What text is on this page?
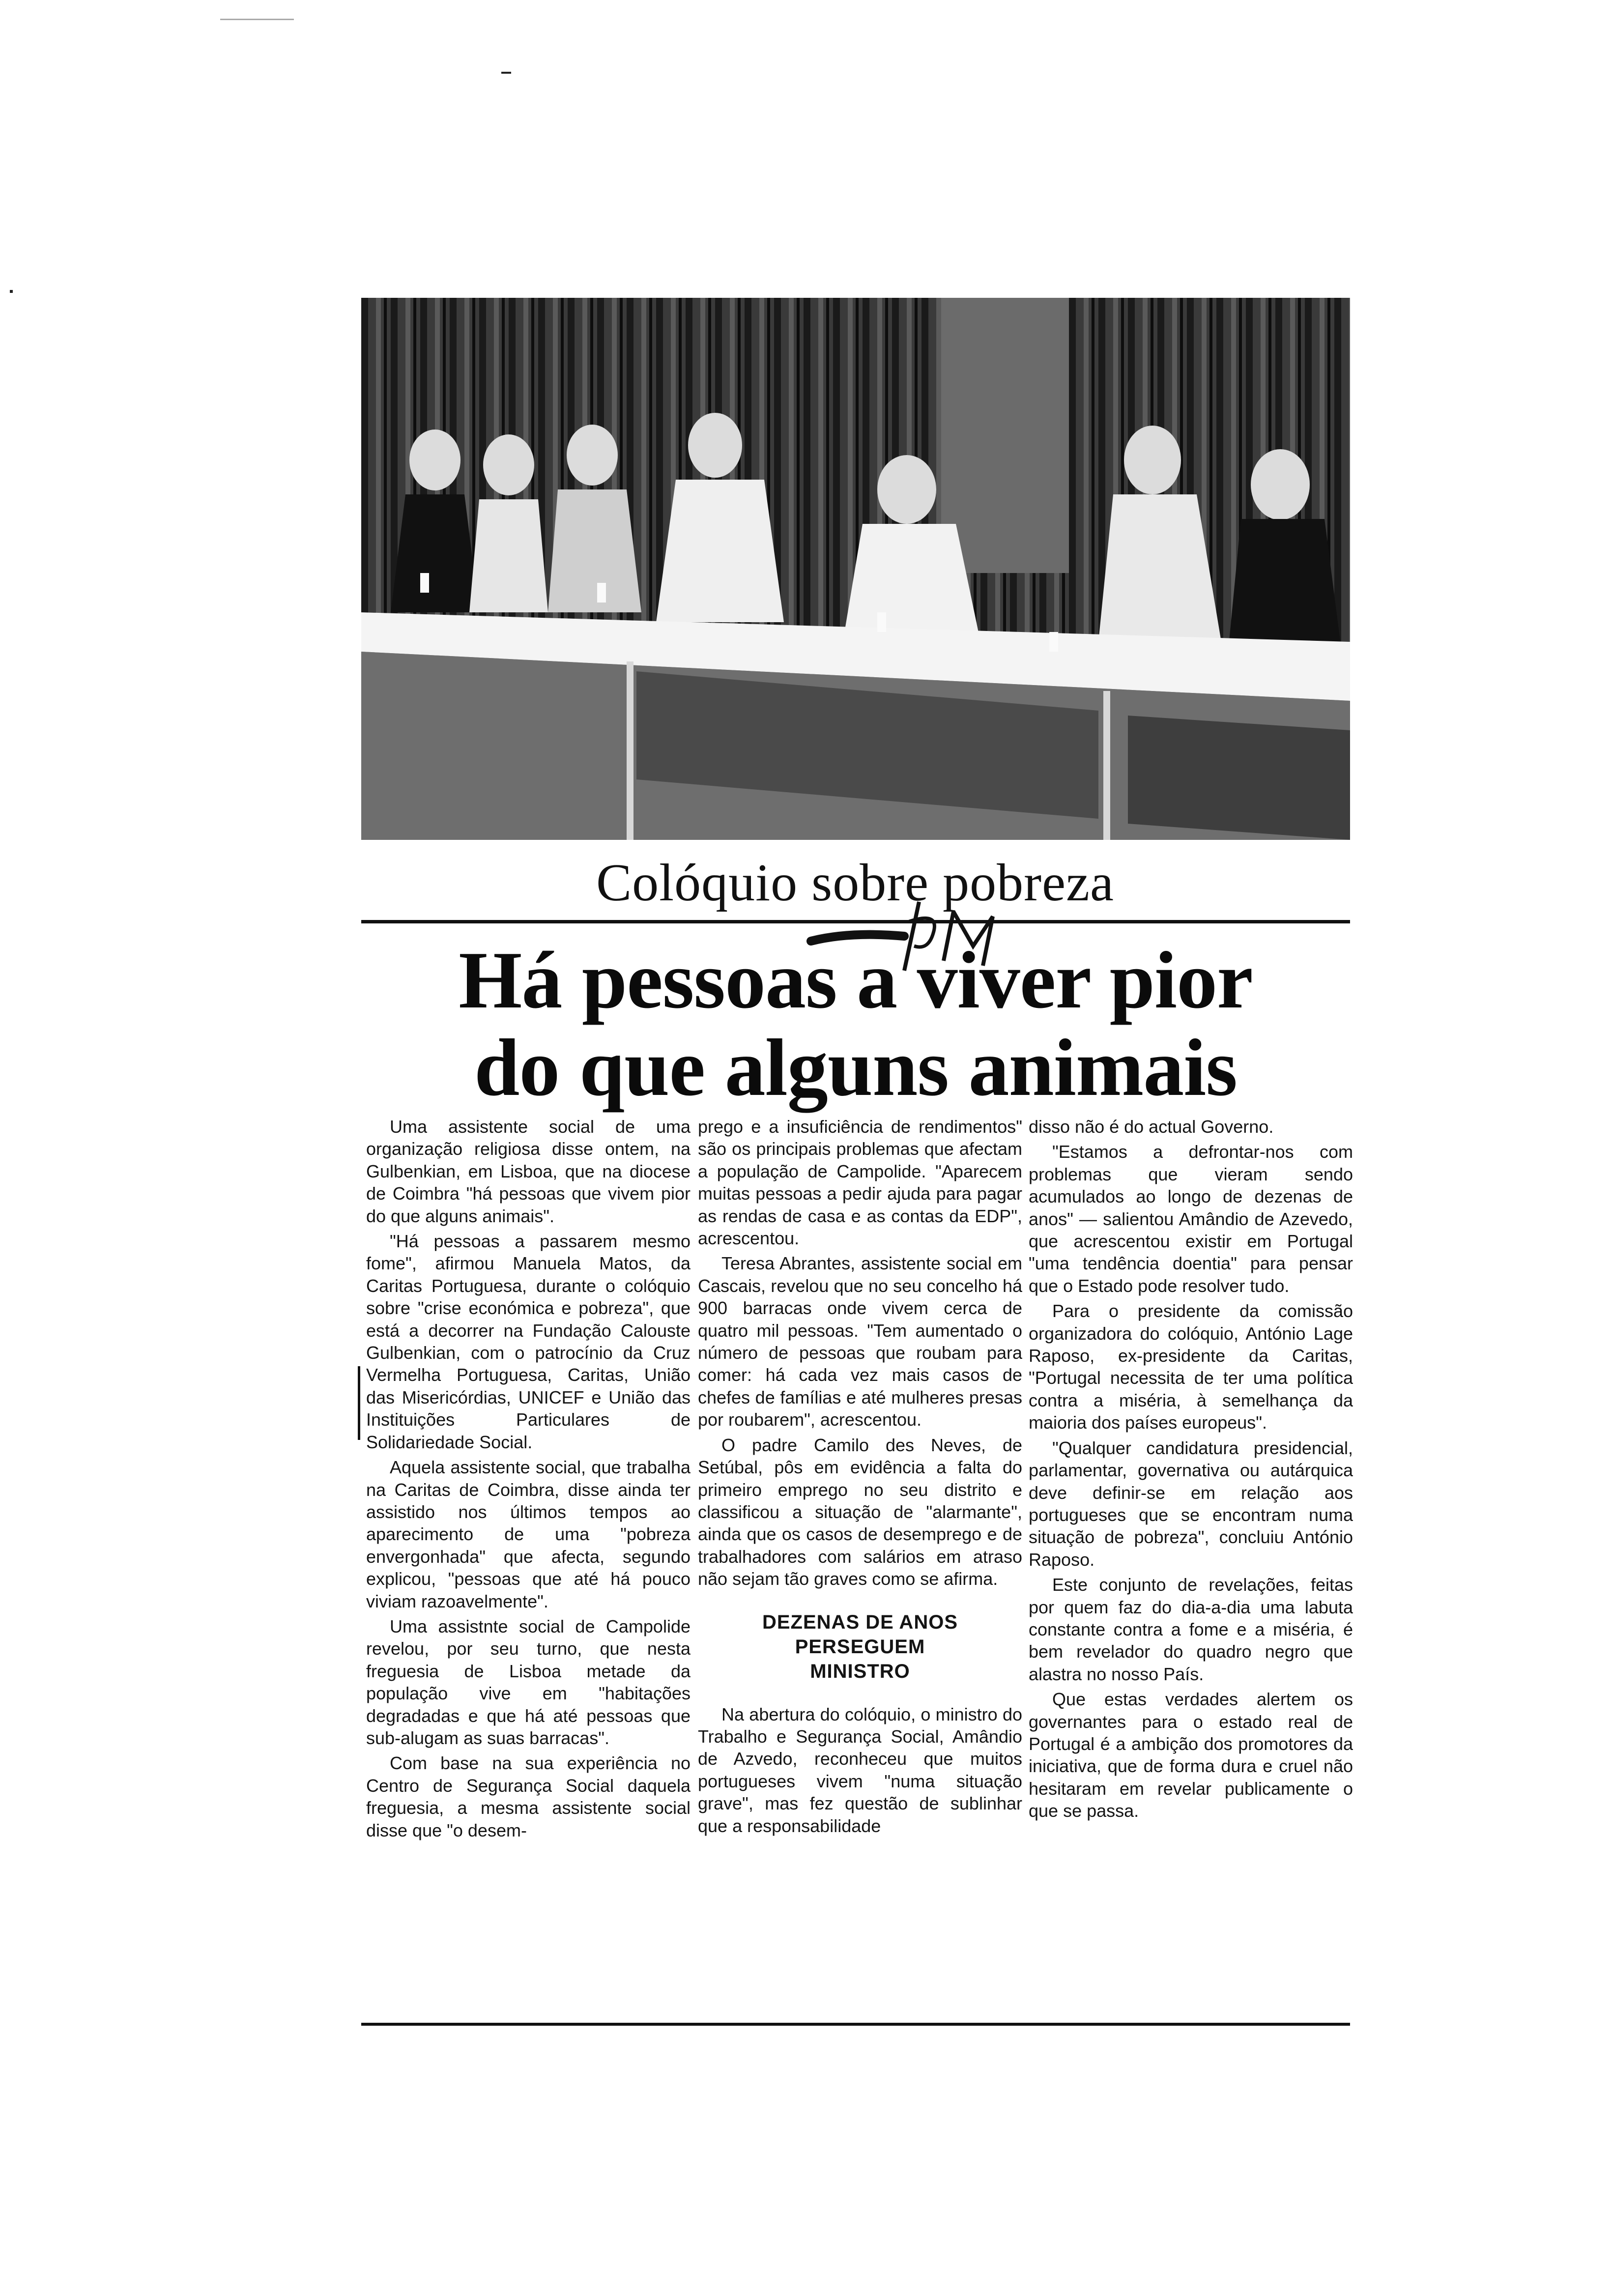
Colóquio sobre pobreza
Há pessoas a viver pior
do que alguns animais

Uma assistente social de uma organização religiosa disse ontem, na Gulbenkian, em Lisboa, que na diocese de Coimbra "há pessoas que vivem pior do que alguns animais".

"Há pessoas a passarem mesmo fome", afirmou Manuela Matos, da Caritas Portuguesa, durante o colóquio sobre "crise económica e pobreza", que está a decorrer na Fundação Calouste Gulbenkian, com o patrocínio da Cruz Vermelha Portuguesa, Caritas, União das Misericórdias, UNICEF e União das Instituições Particulares de Solidariedade Social.

Aquela assistente social, que trabalha na Caritas de Coimbra, disse ainda ter assistido nos últimos tempos ao aparecimento de uma "pobreza envergonhada" que afecta, segundo explicou, "pessoas que até há pouco viviam razoavelmente".

Uma assistnte social de Campolide revelou, por seu turno, que nesta freguesia de Lisboa metade da população vive em "habitações degradadas e que há até pessoas que sub-alugam as suas barracas".

Com base na sua experiência no Centro de Segurança Social daquela freguesia, a mesma assistente social disse que "o desem-

prego e a insuficiência de rendimentos" são os principais problemas que afectam a população de Campolide. "Aparecem muitas pessoas a pedir ajuda para pagar as rendas de casa e as contas da EDP", acrescentou.

Teresa Abrantes, assistente social em Cascais, revelou que no seu concelho há 900 barracas onde vivem cerca de quatro mil pessoas. "Tem aumentado o número de pessoas que roubam para comer: há cada vez mais casos de chefes de famílias e até mulheres presas por roubarem", acrescentou.

O padre Camilo des Neves, de Setúbal, pôs em evidência a falta do primeiro emprego no seu distrito e classificou a situação de "alarmante", ainda que os casos de desemprego e de trabalhadores com salários em atraso não sejam tão graves como se afirma.

DEZENAS DE ANOS
PERSEGUEM
MINISTRO

Na abertura do colóquio, o ministro do Trabalho e Segurança Social, Amândio de Azvedo, reconheceu que muitos portugueses vivem "numa situação grave", mas fez questão de sublinhar que a responsabilidade

disso não é do actual Governo.

"Estamos a defrontar-nos com problemas que vieram sendo acumulados ao longo de dezenas de anos" — salientou Amândio de Azevedo, que acrescentou existir em Portugal "uma tendência doentia" para pensar que o Estado pode resolver tudo.

Para o presidente da comissão organizadora do colóquio, António Lage Raposo, ex-presidente da Caritas, "Portugal necessita de ter uma política contra a miséria, à semelhança da maioria dos países europeus".

"Qualquer candidatura presidencial, parlamentar, governativa ou autárquica deve definir-se em relação aos portugueses que se encontram numa situação de pobreza", concluiu António Raposo.

Este conjunto de revelações, feitas por quem faz do dia-a-dia uma labuta constante contra a fome e a miséria, é bem revelador do quadro negro que alastra no nosso País.

Que estas verdades alertem os governantes para o estado real de Portugal é a ambição dos promotores da iniciativa, que de forma dura e cruel não hesitaram em revelar publicamente o que se passa.
